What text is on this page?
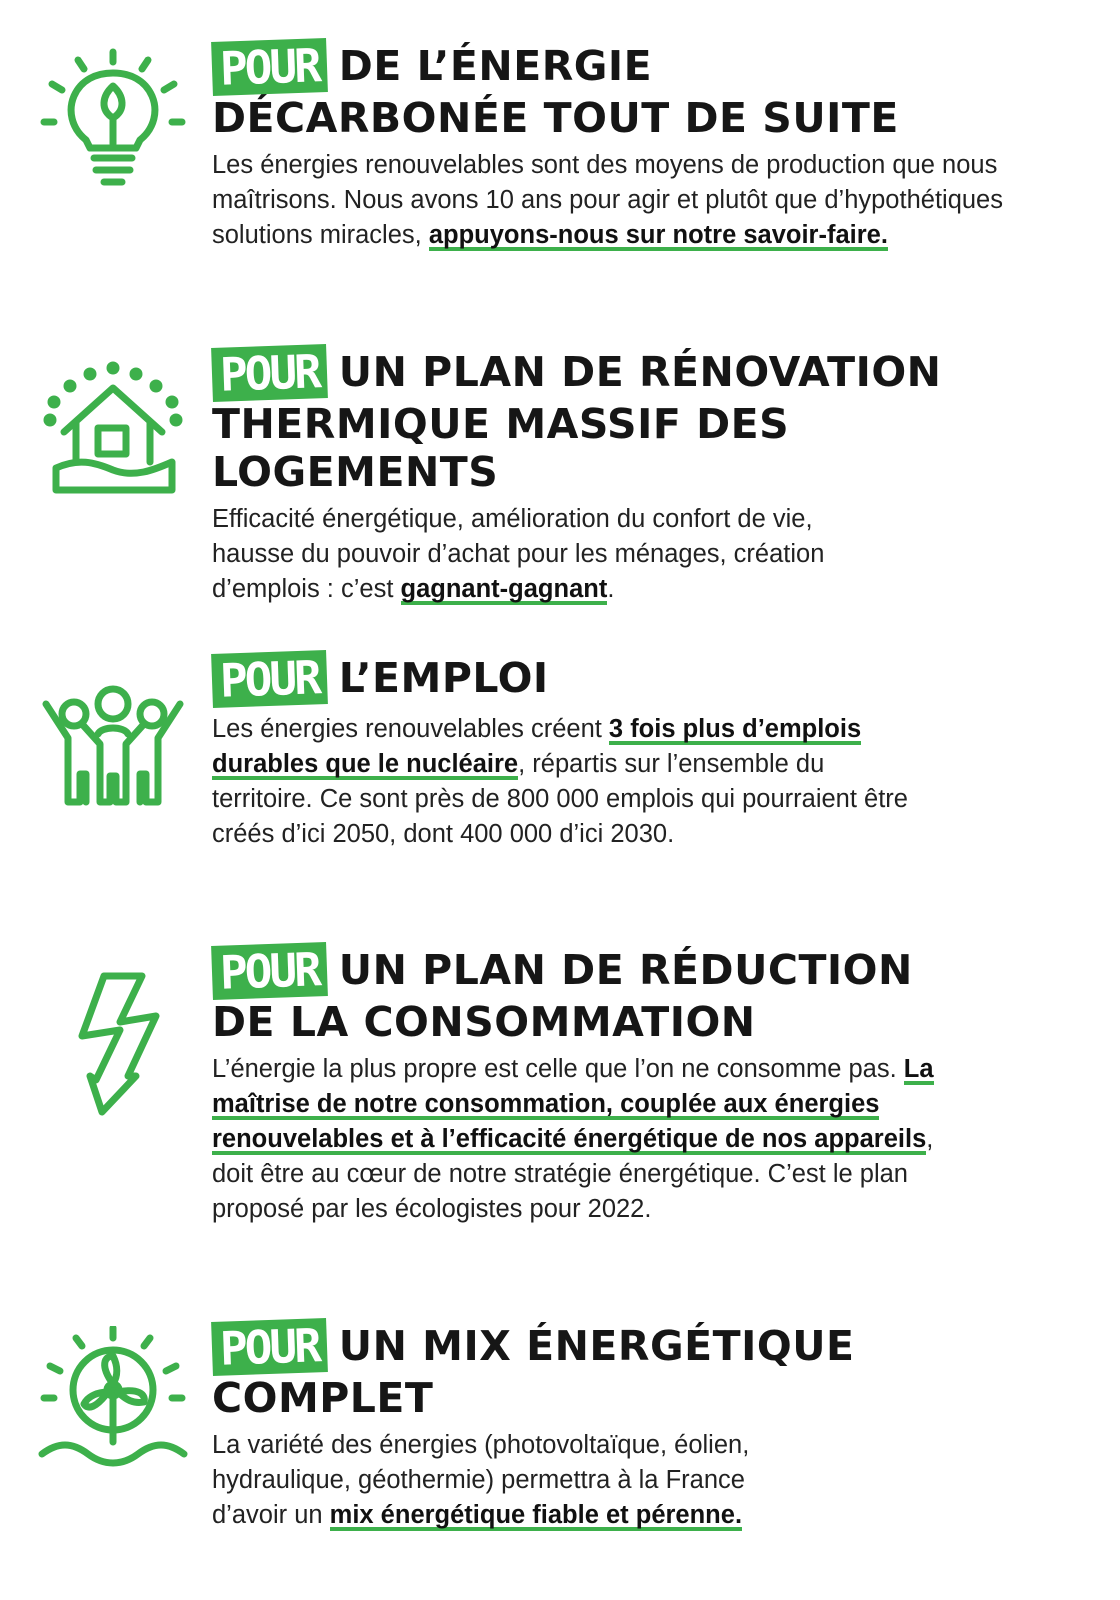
POUR DE L’ÉNERGIE
DÉCARBONÉE TOUT DE SUITE

Les énergies renouvelables sont des moyens de production que nous maîtrisons. Nous avons 10 ans pour agir et plutôt que d’hypothétiques solutions miracles, appuyons-nous sur notre savoir-faire.

POUR UN PLAN DE RÉNOVATION
THERMIQUE MASSIF DES LOGEMENTS

Efficacité énergétique, amélioration du confort de vie, hausse du pouvoir d’achat pour les ménages, création d’emplois : c’est gagnant-gagnant.

POUR L’EMPLOI

Les énergies renouvelables créent 3 fois plus d’emplois durables que le nucléaire, répartis sur l’ensemble du territoire. Ce sont près de 800 000 emplois qui pourraient être créés d’ici 2050, dont 400 000 d’ici 2030.

POUR UN PLAN DE RÉDUCTION
DE LA CONSOMMATION

L’énergie la plus propre est celle que l’on ne consomme pas. La maîtrise de notre consommation, couplée aux énergies renouvelables et à l’efficacité énergétique de nos appareils, doit être au cœur de notre stratégie énergétique. C’est le plan proposé par les écologistes pour 2022.

POUR UN MIX ÉNERGÉTIQUE
COMPLET

La variété des énergies (photovoltaïque, éolien, hydraulique, géothermie) permettra à la France d’avoir un mix énergétique fiable et pérenne.
